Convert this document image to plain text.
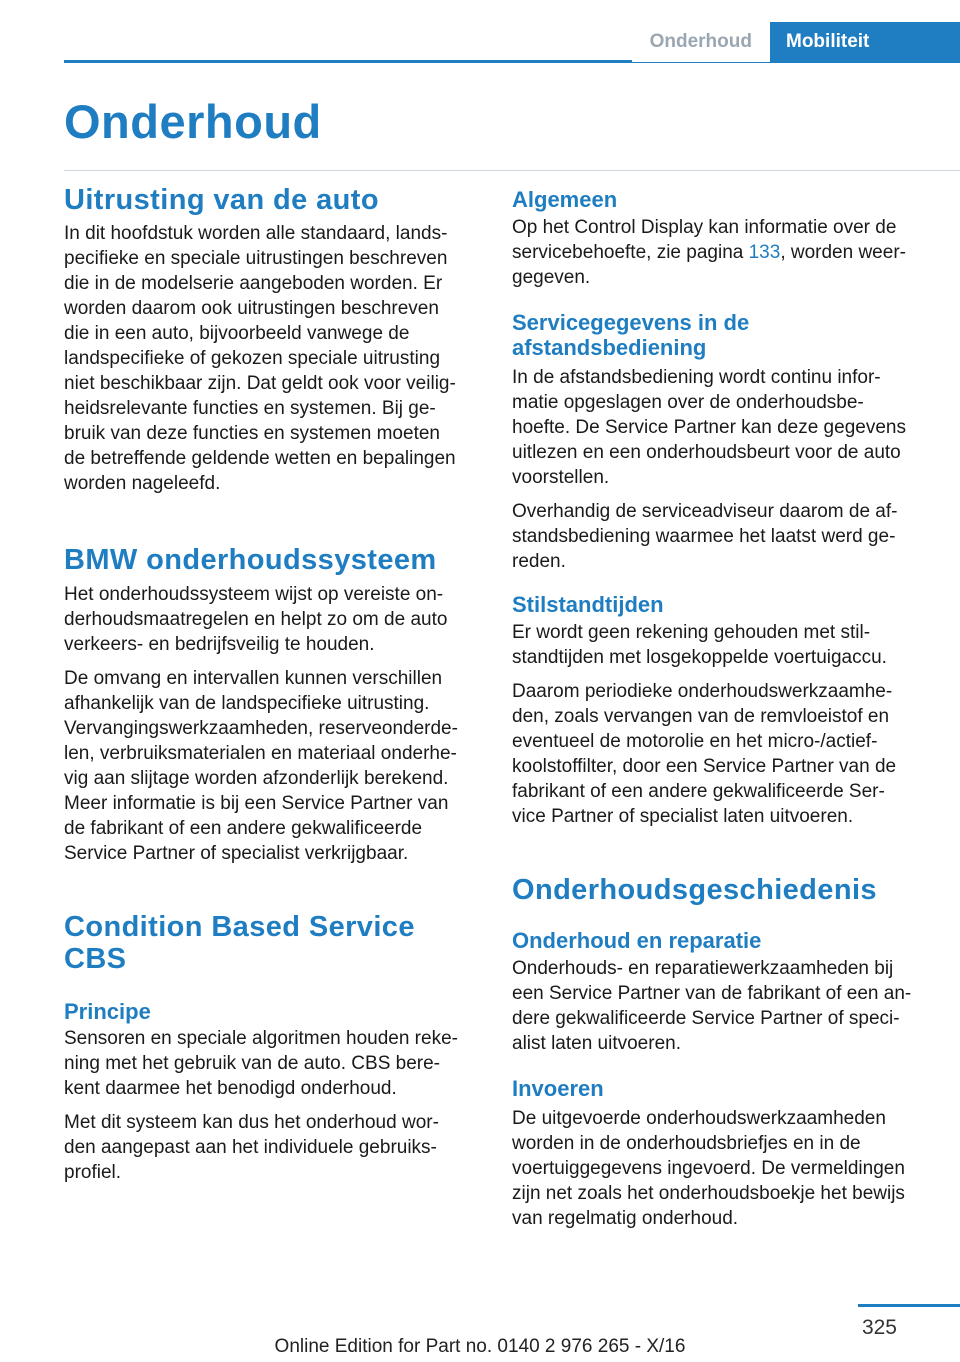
Onderhoud	Mobiliteit
Onderhoud
Uitrusting van de auto

In dit hoofdstuk worden alle standaard, lands-
pecifieke en speciale uitrustingen beschreven
die in de modelserie aangeboden worden. Er
worden daarom ook uitrustingen beschreven
die in een auto, bijvoorbeeld vanwege de
landspecifieke of gekozen speciale uitrusting
niet beschikbaar zijn. Dat geldt ook voor veilig-
heidsrelevante functies en systemen. Bij ge-
bruik van deze functies en systemen moeten
de betreffende geldende wetten en bepalingen
worden nageleefd.

BMW onderhoudssysteem

Het onderhoudssysteem wijst op vereiste on-
derhoudsmaatregelen en helpt zo om de auto
verkeers- en bedrijfsveilig te houden.

De omvang en intervallen kunnen verschillen
afhankelijk van de landspecifieke uitrusting.
Vervangingswerkzaamheden, reserveonderde-
len, verbruiksmaterialen en materiaal onderhe-
vig aan slijtage worden afzonderlijk berekend.
Meer informatie is bij een Service Partner van
de fabrikant of een andere gekwalificeerde
Service Partner of specialist verkrijgbaar.

Condition Based Service
CBS
Principe

Sensoren en speciale algoritmen houden reke-
ning met het gebruik van de auto. CBS bere-
kent daarmee het benodigd onderhoud.

Met dit systeem kan dus het onderhoud wor-
den aangepast aan het individuele gebruiks-
profiel.

Algemeen

Op het Control Display kan informatie over de
servicebehoefte, zie pagina 133, worden weer-
gegeven.

Servicegegevens in de
afstandsbediening

In de afstandsbediening wordt continu infor-
matie opgeslagen over de onderhoudsbe-
hoefte. De Service Partner kan deze gegevens
uitlezen en een onderhoudsbeurt voor de auto
voorstellen.

Overhandig de serviceadviseur daarom de af-
standsbediening waarmee het laatst werd ge-
reden.

Stilstandtijden

Er wordt geen rekening gehouden met stil-
standtijden met losgekoppelde voertuigaccu.

Daarom periodieke onderhoudswerkzaamhe-
den, zoals vervangen van de remvloeistof en
eventueel de motorolie en het micro-/actief-
koolstoffilter, door een Service Partner van de
fabrikant of een andere gekwalificeerde Ser-
vice Partner of specialist laten uitvoeren.

Onderhoudsgeschiedenis
Onderhoud en reparatie

Onderhouds- en reparatiewerkzaamheden bij
een Service Partner van de fabrikant of een an-
dere gekwalificeerde Service Partner of speci-
alist laten uitvoeren.

Invoeren

De uitgevoerde onderhoudswerkzaamheden
worden in de onderhoudsbriefjes en in de
voertuiggegevens ingevoerd. De vermeldingen
zijn net zoals het onderhoudsboekje het bewijs
van regelmatig onderhoud.

325
Online Edition for Part no. 0140 2 976 265 - X/16
